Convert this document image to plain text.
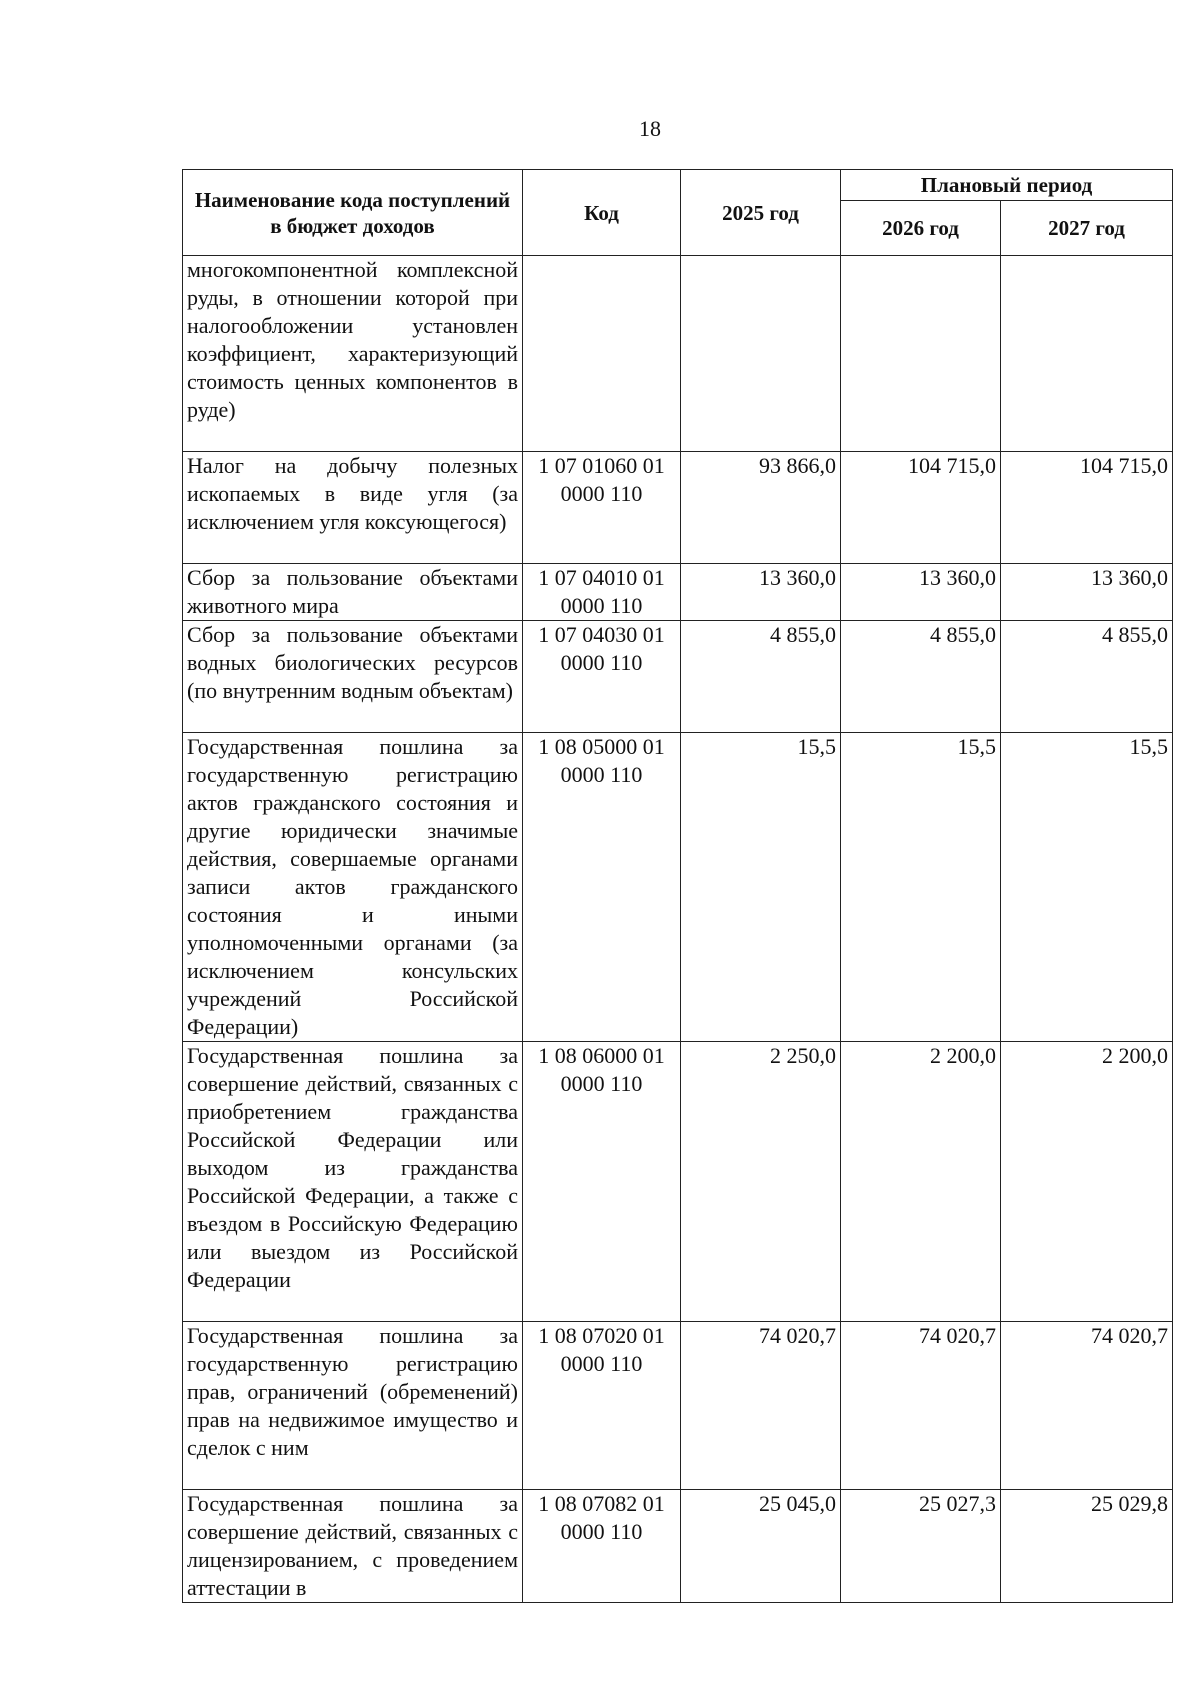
18
Наименование кода поступлений в бюджет доходов	Код	2025 год	Плановый период	
			2026 год	2027 год
многокомпонентной комплексной руды, в отношении которой при налогообложении установлен коэффициент, характеризующий стоимость ценных компонентов в руде)				
Налог на добычу полезных ископаемых в виде угля (за исключением угля коксующегося)	1 07 01060 01 0000 110	93 866,0	104 715,0	104 715,0
Сбор за пользование объектами животного мира	1 07 04010 01 0000 110	13 360,0	13 360,0	13 360,0
Сбор за пользование объектами водных биологических ресурсов (по внутренним водным объектам)	1 07 04030 01 0000 110	4 855,0	4 855,0	4 855,0
Государственная пошлина за государственную регистрацию актов гражданского состояния и другие юридически значимые действия, совершаемые органами записи актов гражданского состояния и иными уполномоченными органами (за исключением консульских учреждений Российской Федерации)	1 08 05000 01 0000 110	15,5	15,5	15,5
Государственная пошлина за совершение действий, связанных с приобретением гражданства Российской Федерации или выходом из гражданства Российской Федерации, а также с въездом в Российскую Федерацию или выездом из Российской Федерации	1 08 06000 01 0000 110	2 250,0	2 200,0	2 200,0
Государственная пошлина за государственную регистрацию прав, ограничений (обременений) прав на недвижимое имущество и сделок с ним	1 08 07020 01 0000 110	74 020,7	74 020,7	74 020,7
Государственная пошлина за совершение действий, связанных с лицензированием, с проведением аттестации в	1 08 07082 01 0000 110	25 045,0	25 027,3	25 029,8
